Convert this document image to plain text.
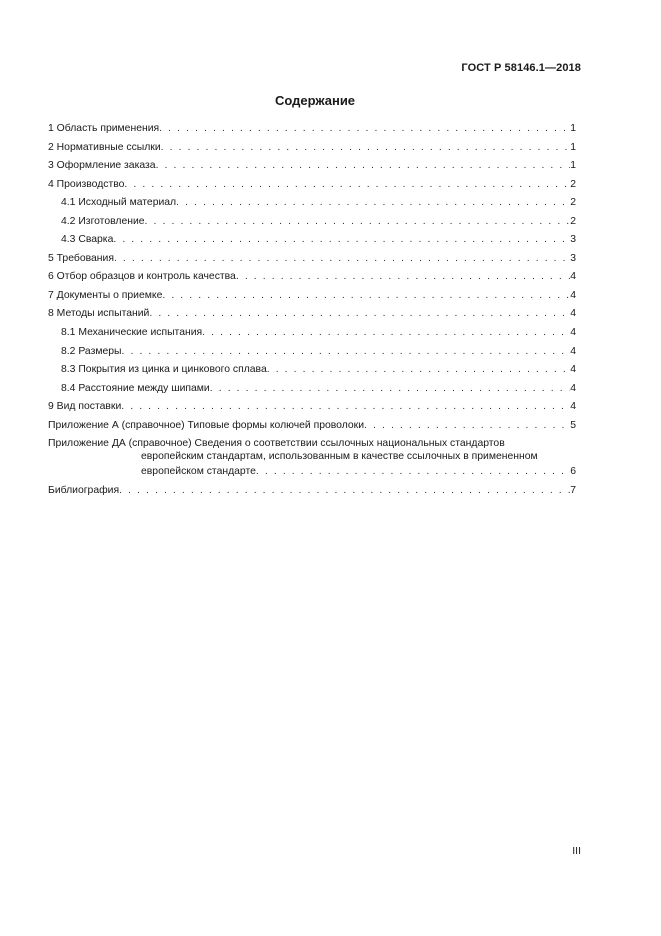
ГОСТ Р 58146.1—2018
Содержание
1 Область применения . . .	1
2 Нормативные ссылки . . .	1
3 Оформление заказа . . .	1
4 Производство . . .	2
4.1 Исходный материал . . .	2
4.2 Изготовление . . .	2
4.3 Сварка . . .	3
5 Требования . . .	3
6 Отбор образцов и контроль качества . . .	4
7 Документы о приемке . . .	4
8 Методы испытаний . . .	4
8.1 Механические испытания . . .	4
8.2 Размеры . . .	4
8.3 Покрытия из цинка и цинкового сплава . . .	4
8.4 Расстояние между шипами . . .	4
9 Вид поставки . . .	4
Приложение А (справочное) Типовые формы колючей проволоки . . .	5
Приложение ДА (справочное) Сведения о соответствии ссылочных национальных стандартов
европейским стандартам, использованным в качестве ссылочных в примененном
европейском стандарте . . .	6
Библиография . . .	7
III
